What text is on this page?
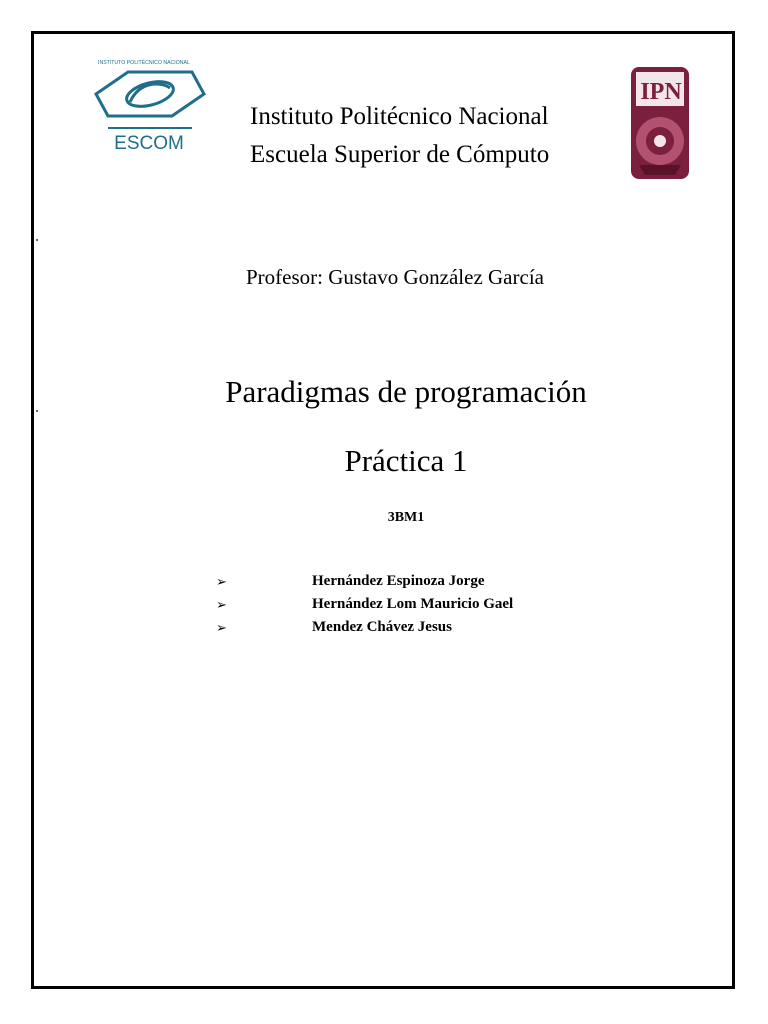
INSTITUTO POLITÉCNICO NACIONAL
ESCOM
IPN
Instituto Politécnico Nacional
Escuela Superior de Cómputo
Profesor: Gustavo González García
Paradigmas de programación
Práctica 1
3BM1
➢	Hernández Espinoza Jorge
➢	Hernández Lom Mauricio Gael
➢	Mendez Chávez Jesus
